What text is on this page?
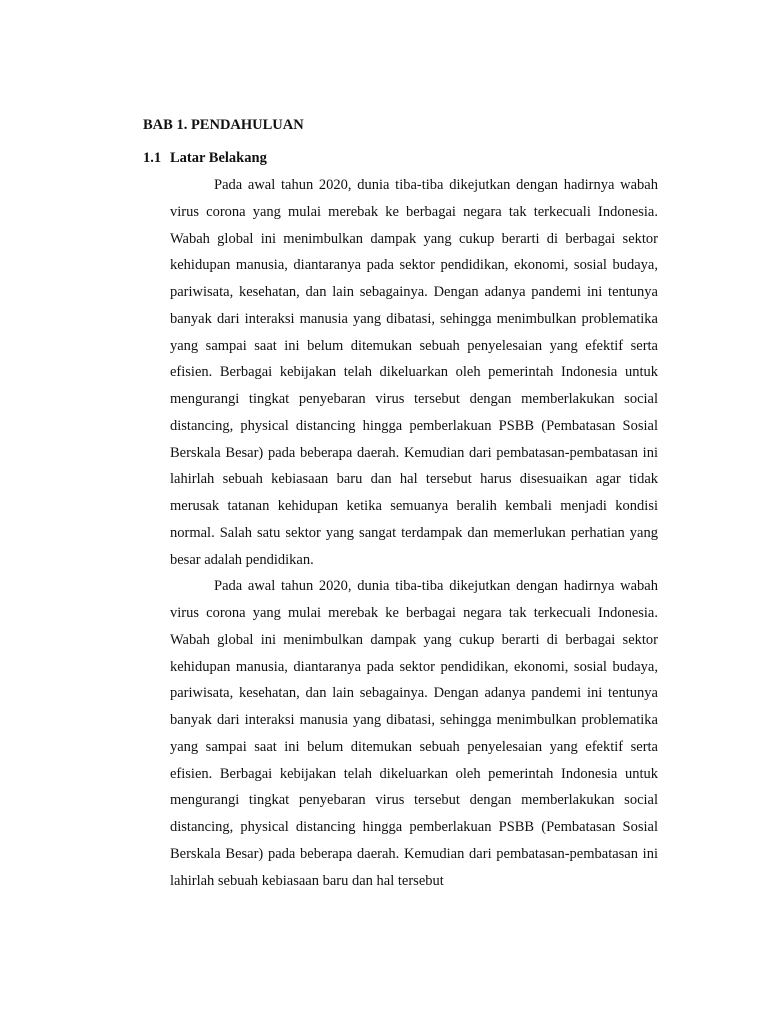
BAB 1. PENDAHULUAN
1.1 Latar Belakang

Pada awal tahun 2020, dunia tiba-tiba dikejutkan dengan hadirnya wabah virus corona yang mulai merebak ke berbagai negara tak terkecuali Indonesia. Wabah global ini menimbulkan dampak yang cukup berarti di berbagai sektor kehidupan manusia, diantaranya pada sektor pendidikan, ekonomi, sosial budaya, pariwisata, kesehatan, dan lain sebagainya. Dengan adanya pandemi ini tentunya banyak dari interaksi manusia yang dibatasi, sehingga menimbulkan problematika yang sampai saat ini belum ditemukan sebuah penyelesaian yang efektif serta efisien. Berbagai kebijakan telah dikeluarkan oleh pemerintah Indonesia untuk mengurangi tingkat penyebaran virus tersebut dengan memberlakukan social distancing, physical distancing hingga pemberlakuan PSBB (Pembatasan Sosial Berskala Besar) pada beberapa daerah. Kemudian dari pembatasan-pembatasan ini lahirlah sebuah kebiasaan baru dan hal tersebut harus disesuaikan agar tidak merusak tatanan kehidupan ketika semuanya beralih kembali menjadi kondisi normal. Salah satu sektor yang sangat terdampak dan memerlukan perhatian yang besar adalah pendidikan.

Pada awal tahun 2020, dunia tiba-tiba dikejutkan dengan hadirnya wabah virus corona yang mulai merebak ke berbagai negara tak terkecuali Indonesia. Wabah global ini menimbulkan dampak yang cukup berarti di berbagai sektor kehidupan manusia, diantaranya pada sektor pendidikan, ekonomi, sosial budaya, pariwisata, kesehatan, dan lain sebagainya. Dengan adanya pandemi ini tentunya banyak dari interaksi manusia yang dibatasi, sehingga menimbulkan problematika yang sampai saat ini belum ditemukan sebuah penyelesaian yang efektif serta efisien. Berbagai kebijakan telah dikeluarkan oleh pemerintah Indonesia untuk mengurangi tingkat penyebaran virus tersebut dengan memberlakukan social distancing, physical distancing hingga pemberlakuan PSBB (Pembatasan Sosial Berskala Besar) pada beberapa daerah. Kemudian dari pembatasan-pembatasan ini lahirlah sebuah kebiasaan baru dan hal tersebut
